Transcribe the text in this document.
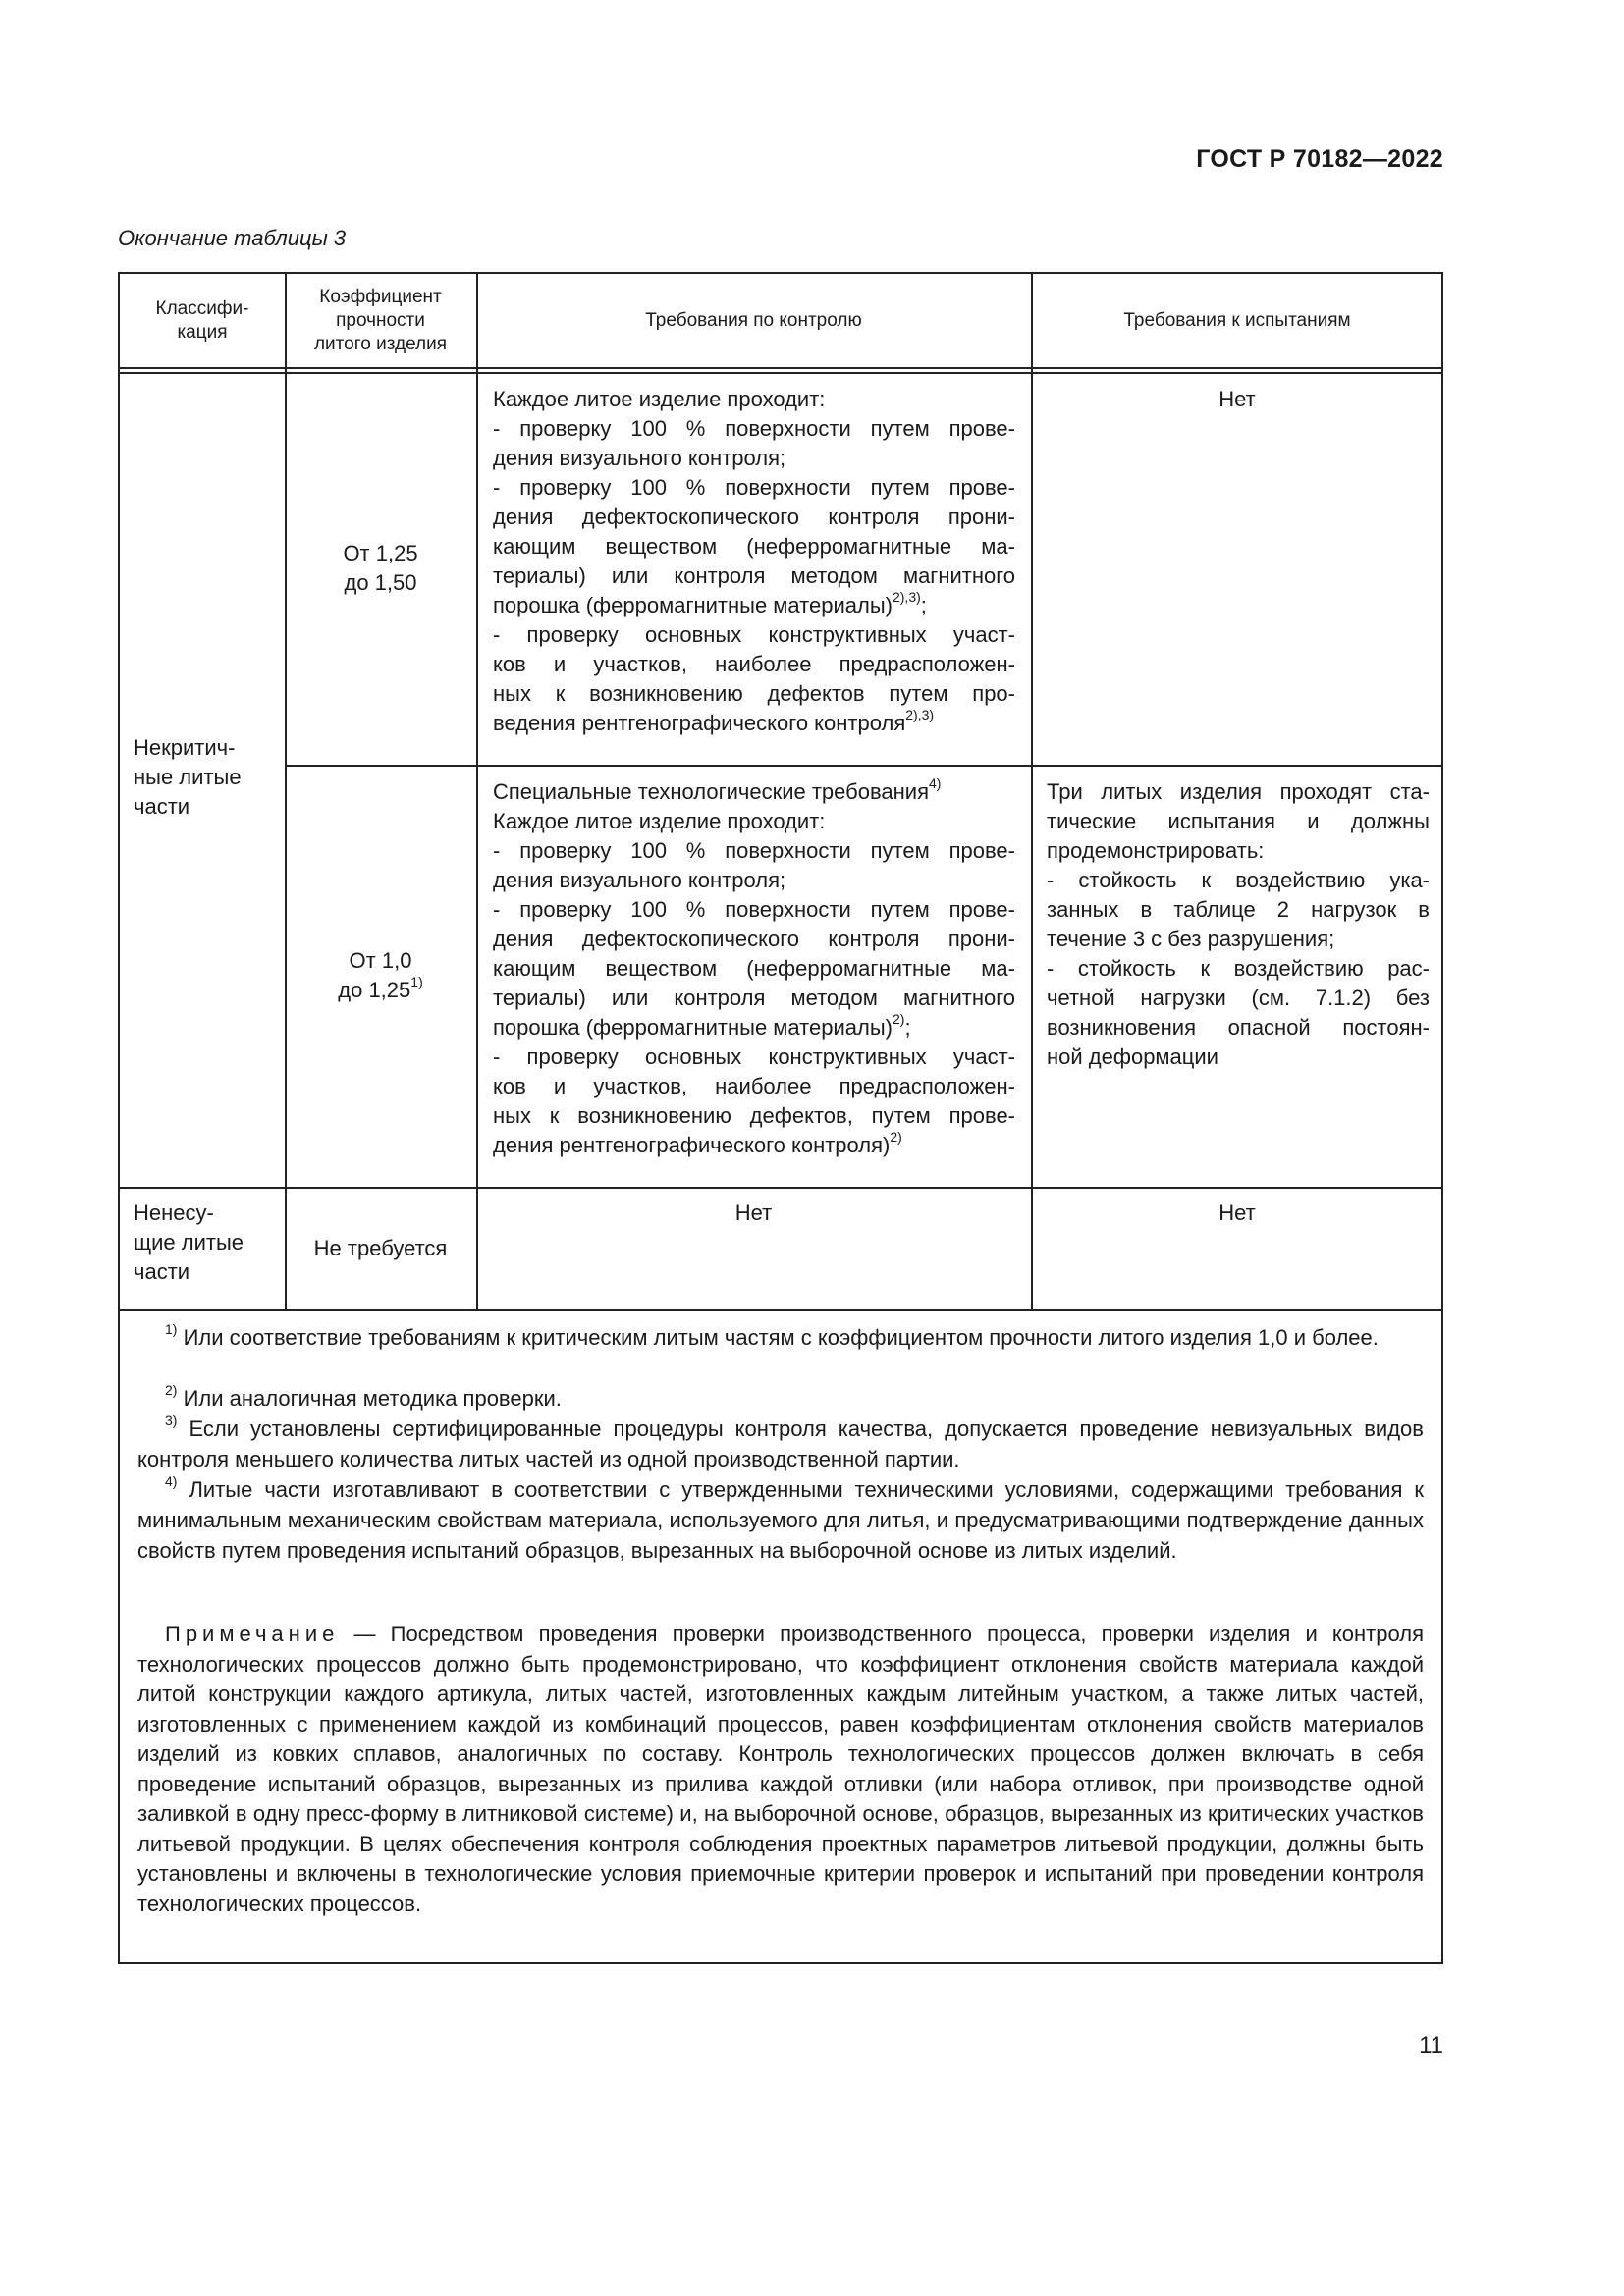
ГОСТ Р 70182—2022
Окончание таблицы 3
Классифи-
кация
Коэффициент
прочности
литого изделия
Требования по контролю	Требования к испытаниям
Некритич-
ные литые
части
От 1,25
до 1,50
Каждое литое изделие проходит:
- проверку 100 % поверхности путем прове-
дения визуального контроля;
- проверку 100 % поверхности путем прове-
дения дефектоскопического контроля прони-
кающим веществом (неферромагнитные ма-
териалы) или контроля методом магнитного
порошка (ферромагнитные материалы)$^{2),3)}$;
- проверку основных конструктивных участ-
ков и участков, наиболее предрасположен-
ных к возникновению дефектов путем про-
ведения рентгенографического контроля$^{2),3)}$
Нет
От 1,0
до 1,25$^{1)}$
Специальные технологические требования$^{4)}$
Каждое литое изделие проходит:
- проверку 100 % поверхности путем прове-
дения визуального контроля;
- проверку 100 % поверхности путем прове-
дения дефектоскопического контроля прони-
кающим веществом (неферромагнитные ма-
териалы) или контроля методом магнитного
порошка (ферромагнитные материалы)$^{2)}$;
- проверку основных конструктивных участ-
ков и участков, наиболее предрасположен-
ных к возникновению дефектов, путем прове-
дения рентгенографического контроля)$^{2)}$
Три литых изделия проходят ста-
тические испытания и должны
продемонстрировать:
- стойкость к воздействию ука-
занных в таблице 2 нагрузок в
течение 3 с без разрушения;
- стойкость к воздействию рас-
четной нагрузки (см. 7.1.2) без
возникновения опасной постоян-
ной деформации
Ненесу-
щие литые
части
Не требуется
Нет	Нет
$^{1)}$ Или соответствие требованиям к критическим литым частям с коэффициентом прочности литого изделия 1,0 и более.
$^{2)}$ Или аналогичная методика проверки.
$^{3)}$ Если установлены сертифицированные процедуры контроля качества, допускается проведение невизуальных видов контроля меньшего количества литых частей из одной производственной партии.
$^{4)}$ Литые части изготавливают в соответствии с утвержденными техническими условиями, содержащими требования к минимальным механическим свойствам материала, используемого для литья, и предусматривающими подтверждение данных свойств путем проведения испытаний образцов, вырезанных на выборочной основе из литых изделий.
Примечание — Посредством проведения проверки производственного процесса, проверки изделия и контроля технологических процессов должно быть продемонстрировано, что коэффициент отклонения свойств материала каждой литой конструкции каждого артикула, литых частей, изготовленных каждым литейным участком, а также литых частей, изготовленных с применением каждой из комбинаций процессов, равен коэффициентам отклонения свойств материалов изделий из ковких сплавов, аналогичных по составу. Контроль технологических процессов должен включать в себя проведение испытаний образцов, вырезанных из прилива каждой отливки (или набора отливок, при производстве одной заливкой в одну пресс-форму в литниковой системе) и, на выборочной основе, образцов, вырезанных из критических участков литьевой продукции. В целях обеспечения контроля соблюдения проектных параметров литьевой продукции, должны быть установлены и включены в технологические условия приемочные критерии проверок и испытаний при проведении контроля технологических процессов.
11
